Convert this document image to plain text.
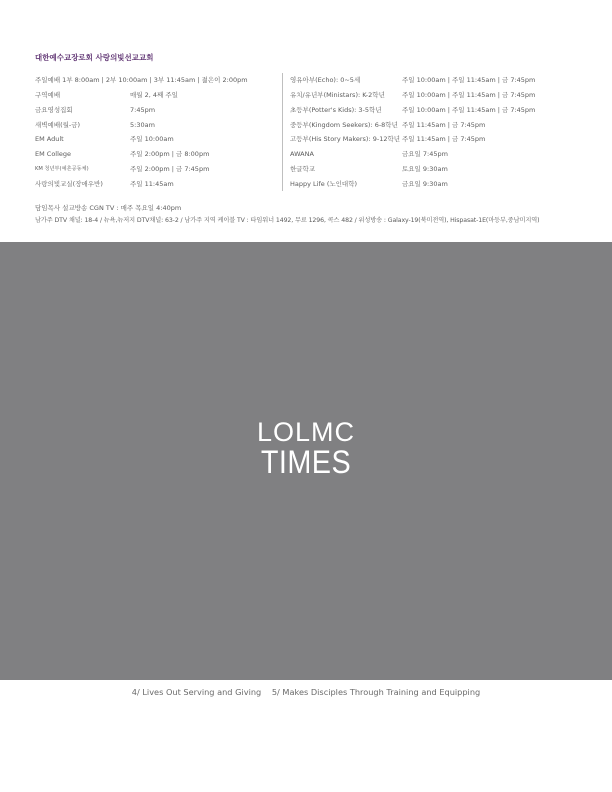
대한예수교장로회 사랑의빛선교교회
주일예배 1부 8:00am | 2부 10:00am | 3부 11:45am | 젊은이 2:00pm
구역예배	매월 2, 4째 주일
금요영성집회	7:45pm
새벽예배(월-금)	5:30am
EM Adult	주일 10:00am
EM College	주일 2:00pm | 금 8:00pm
KM 청년부(예흔공동체)	주일 2:00pm | 금 7:45pm
사랑의빛교실(장애우반)	주일 11:45am
영유아부(Echo): 0~5세	주일 10:00am | 주일 11:45am | 금 7:45pm
유치/유년부(Ministars): K-2학년	주일 10:00am | 주일 11:45am | 금 7:45pm
초등부(Potter's Kids): 3-5학년	주일 10:00am | 주일 11:45am | 금 7:45pm
중등부(Kingdom Seekers): 6-8학년 주일 11:45am | 금 7:45pm
고등부(His Story Makers): 9-12학년 주일 11:45am | 금 7:45pm
AWANA	금요일 7:45pm
한글학교	토요일 9:30am
Happy Life (노인대학)	금요일 9:30am
담임목사 설교방송 CGN TV : 매주 목요일 4:40pm
남가주 DTV 채널: 18-4 / 뉴욕,뉴저지 DTV채널: 63-2 / 남가주 지역 케이블 TV : 타임워너 1492, 무료 1296, 콕스 482 / 위성방송 : Galaxy-19(북미전역), Hispasat-1E(마등부,중남미지역)
LOLMC
TIMES
4/ Lives Out Serving and Giving 5/ Makes Disciples Through Training and Equipping
